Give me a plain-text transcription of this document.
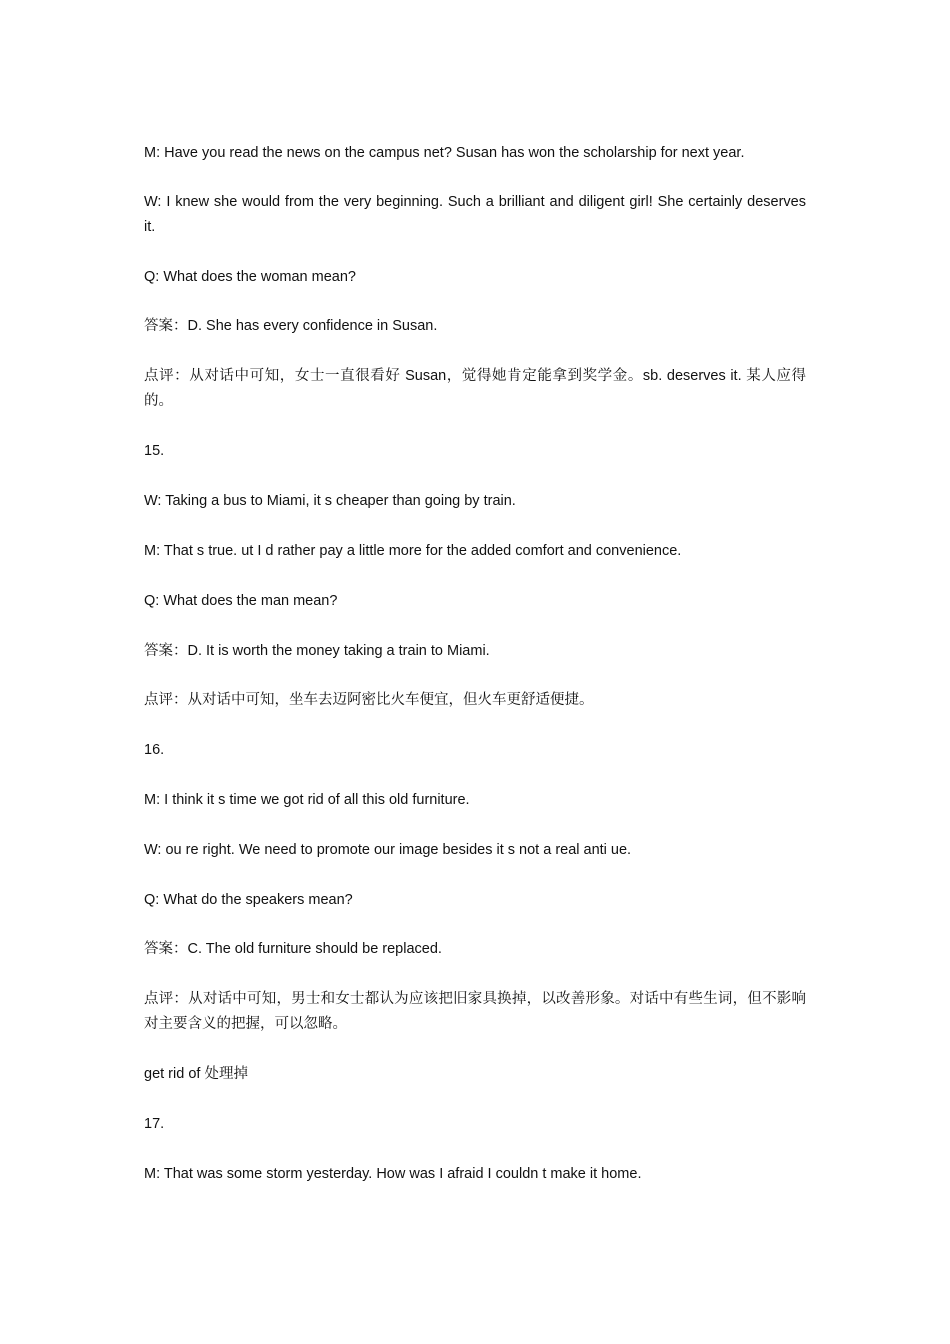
M: Have you read the news on the campus net? Susan has won the scholarship for next year.
W: I knew she would from the very beginning. Such a brilliant and diligent girl! She certainly deserves it.
Q: What does the woman mean?
答案：D. She has every confidence in Susan.
点评：从对话中可知，女士一直很看好 Susan，觉得她肯定能拿到奖学金。sb. deserves it. 某人应得的。
15.
W: Taking a bus to Miami, it s cheaper than going by train.
M: That s true. ut I d rather pay a little more for the added comfort and convenience.
Q: What does the man mean?
答案：D. It is worth the money taking a train to Miami.
点评：从对话中可知，坐车去迈阿密比火车便宜，但火车更舒适便捷。
16.
M: I think it s time we got rid of all this old furniture.
W: ou re right. We need to promote our image besides it s not a real anti ue.
Q: What do the speakers mean?
答案：C. The old furniture should be replaced.
点评：从对话中可知，男士和女士都认为应该把旧家具换掉，以改善形象。对话中有些生词，但不影响对主要含义的把握，可以忽略。
get rid of 处理掉
17.
M: That was some storm yesterday. How was I afraid I couldn t make it home.
